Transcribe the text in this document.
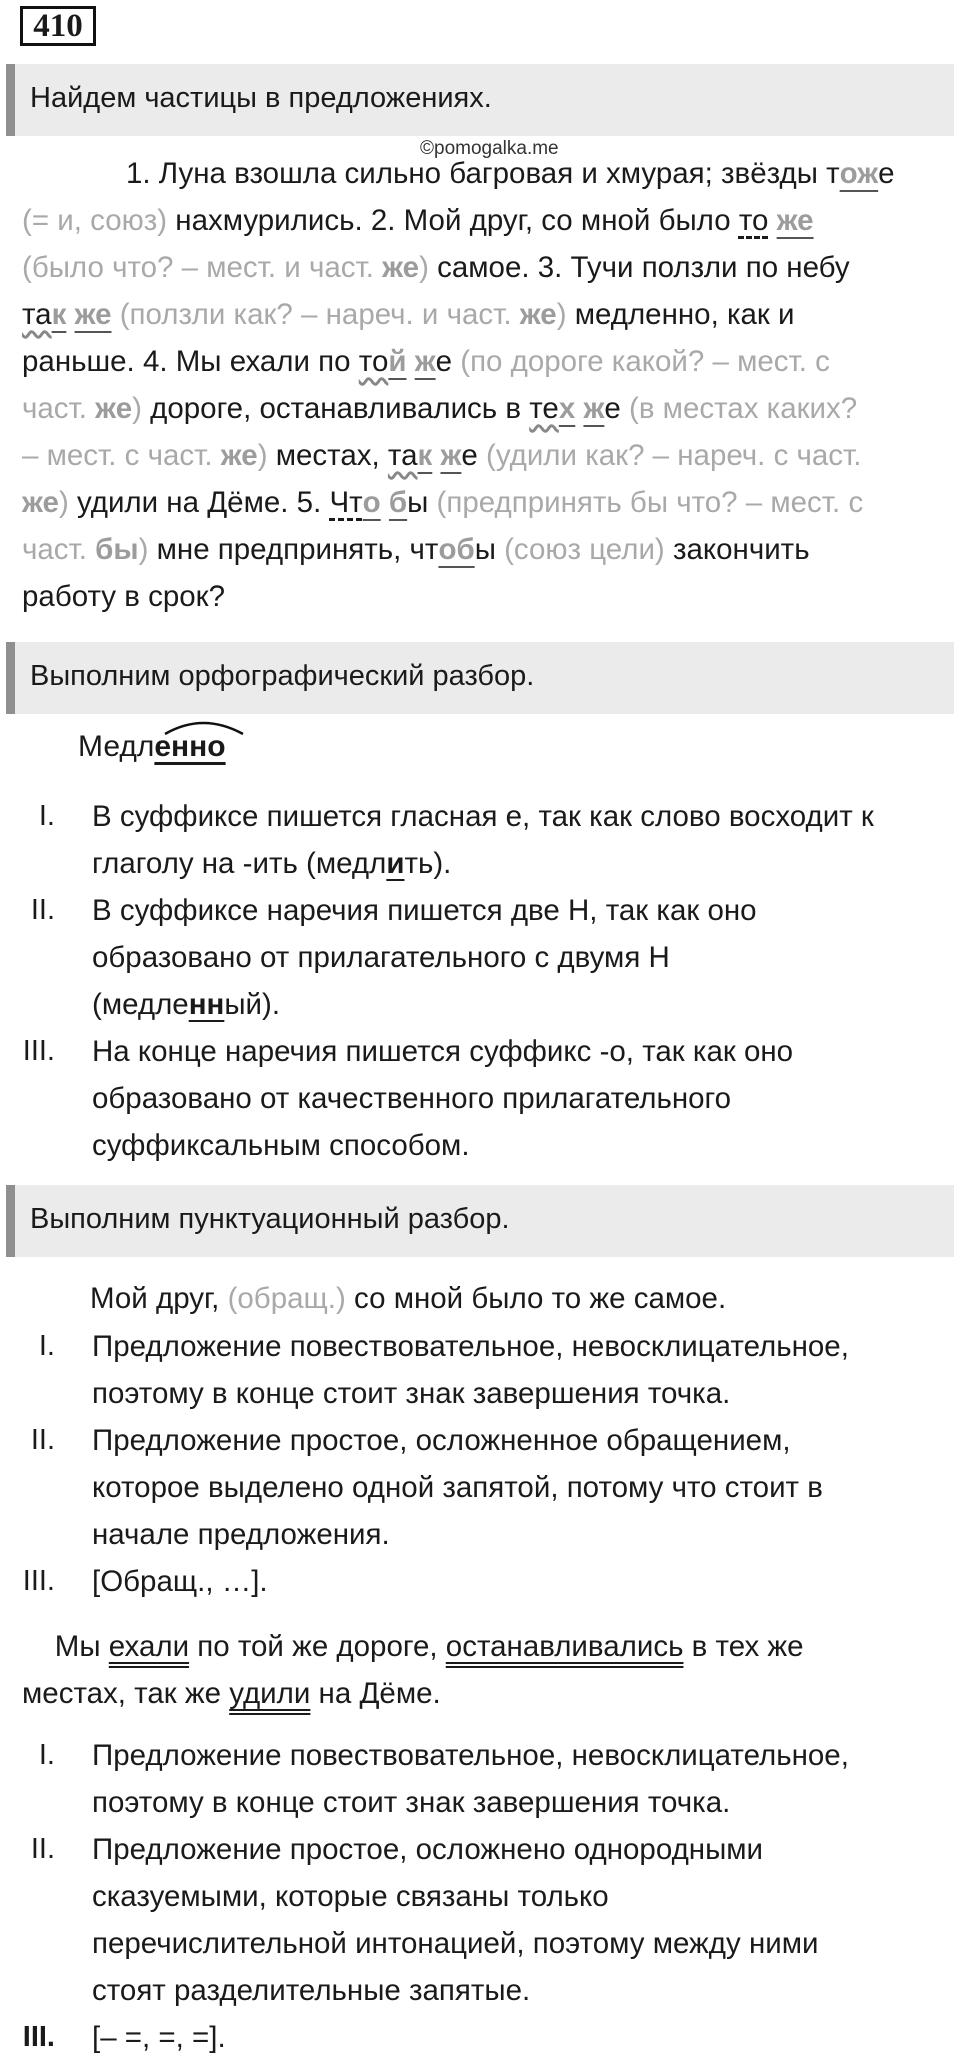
410
Найдем частицы в предложениях.
©pomogalka.me
1. Луна взошла сильно багровая и хмурая; звёзды тоже
(= и, союз) нахмурились. 2. Мой друг, со мной было то же
(было что? – мест. и част. же) самое. 3. Тучи ползли по небу
так же (ползли как? – нареч. и част. же) медленно, как и
раньше. 4. Мы ехали по той же (по дороге какой? – мест. с
част. же) дороге, останавливались в тех же (в местах каких?
– мест. с част. же) местах, так же (удили как? – нареч. с част.
же) удили на Дёме. 5. Что бы (предпринять бы что? – мест. с
част. бы) мне предпринять, чтобы (союз цели) закончить
работу в срок?
Выполним орфографический разбор.
Медленно
I. В суффиксе пишется гласная е, так как слово восходит к
глаголу на -ить (медлить).
II. В суффиксе наречия пишется две Н, так как оно
образовано от прилагательного с двумя Н
(медленный).
III. На конце наречия пишется суффикс -о, так как оно
образовано от качественного прилагательного
суффиксальным способом.
Выполним пунктуационный разбор.
Мой друг, (обращ.) со мной было то же самое.
I. Предложение повествовательное, невосклицательное,
поэтому в конце стоит знак завершения точка.
II. Предложение простое, осложненное обращением,
которое выделено одной запятой, потому что стоит в
начале предложения.
III. [Обращ., …].
Мы ехали по той же дороге, останавливались в тех же
местах, так же удили на Дёме.
I. Предложение повествовательное, невосклицательное,
поэтому в конце стоит знак завершения точка.
II. Предложение простое, осложнено однородными
сказуемыми, которые связаны только
перечислительной интонацией, поэтому между ними
стоят разделительные запятые.
III. [– =, =, =].
